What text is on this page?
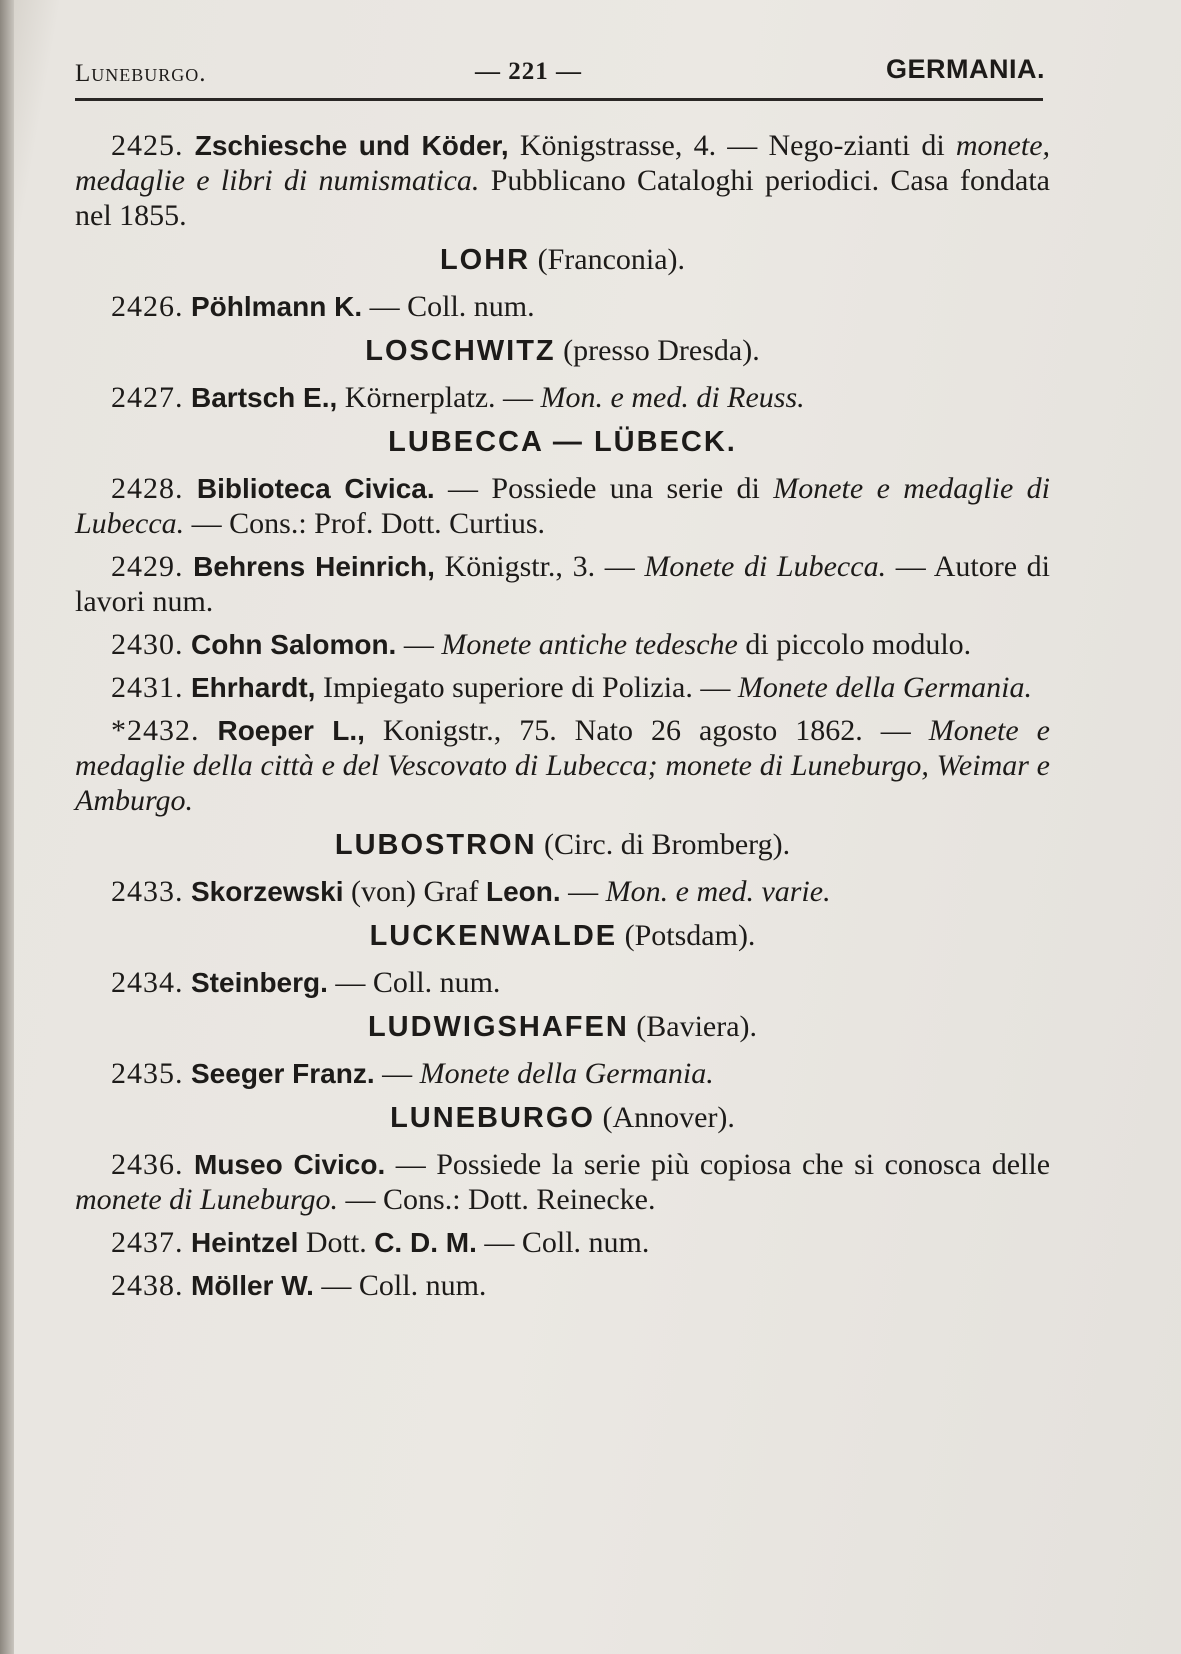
Luneburgo.	— 221 —	GERMANIA.

2425. Zschiesche und Köder, Königstrasse, 4. — Nego-zianti di monete, medaglie e libri di numismatica. Pubblicano Cataloghi periodici. Casa fondata nel 1855.

LOHR (Franconia).

2426. Pöhlmann K. — Coll. num.

LOSCHWITZ (presso Dresda).

2427. Bartsch E., Körnerplatz. — Mon. e med. di Reuss.

LUBECCA — LÜBECK.

2428. Biblioteca Civica. — Possiede una serie di Monete e medaglie di Lubecca. — Cons.: Prof. Dott. Curtius.

2429. Behrens Heinrich, Königstr., 3. — Monete di Lubecca. — Autore di lavori num.

2430. Cohn Salomon. — Monete antiche tedesche di piccolo modulo.

2431. Ehrhardt, Impiegato superiore di Polizia. — Monete della Germania.

*2432. Roeper L., Konigstr., 75. Nato 26 agosto 1862. — Monete e medaglie della città e del Vescovato di Lubecca; monete di Luneburgo, Weimar e Amburgo.

LUBOSTRON (Circ. di Bromberg).

2433. Skorzewski (von) Graf Leon. — Mon. e med. varie.

LUCKENWALDE (Potsdam).

2434. Steinberg. — Coll. num.

LUDWIGSHAFEN (Baviera).

2435. Seeger Franz. — Monete della Germania.

LUNEBURGO (Annover).

2436. Museo Civico. — Possiede la serie più copiosa che si conosca delle monete di Luneburgo. — Cons.: Dott. Reinecke.

2437. Heintzel Dott. C. D. M. — Coll. num.

2438. Möller W. — Coll. num.
